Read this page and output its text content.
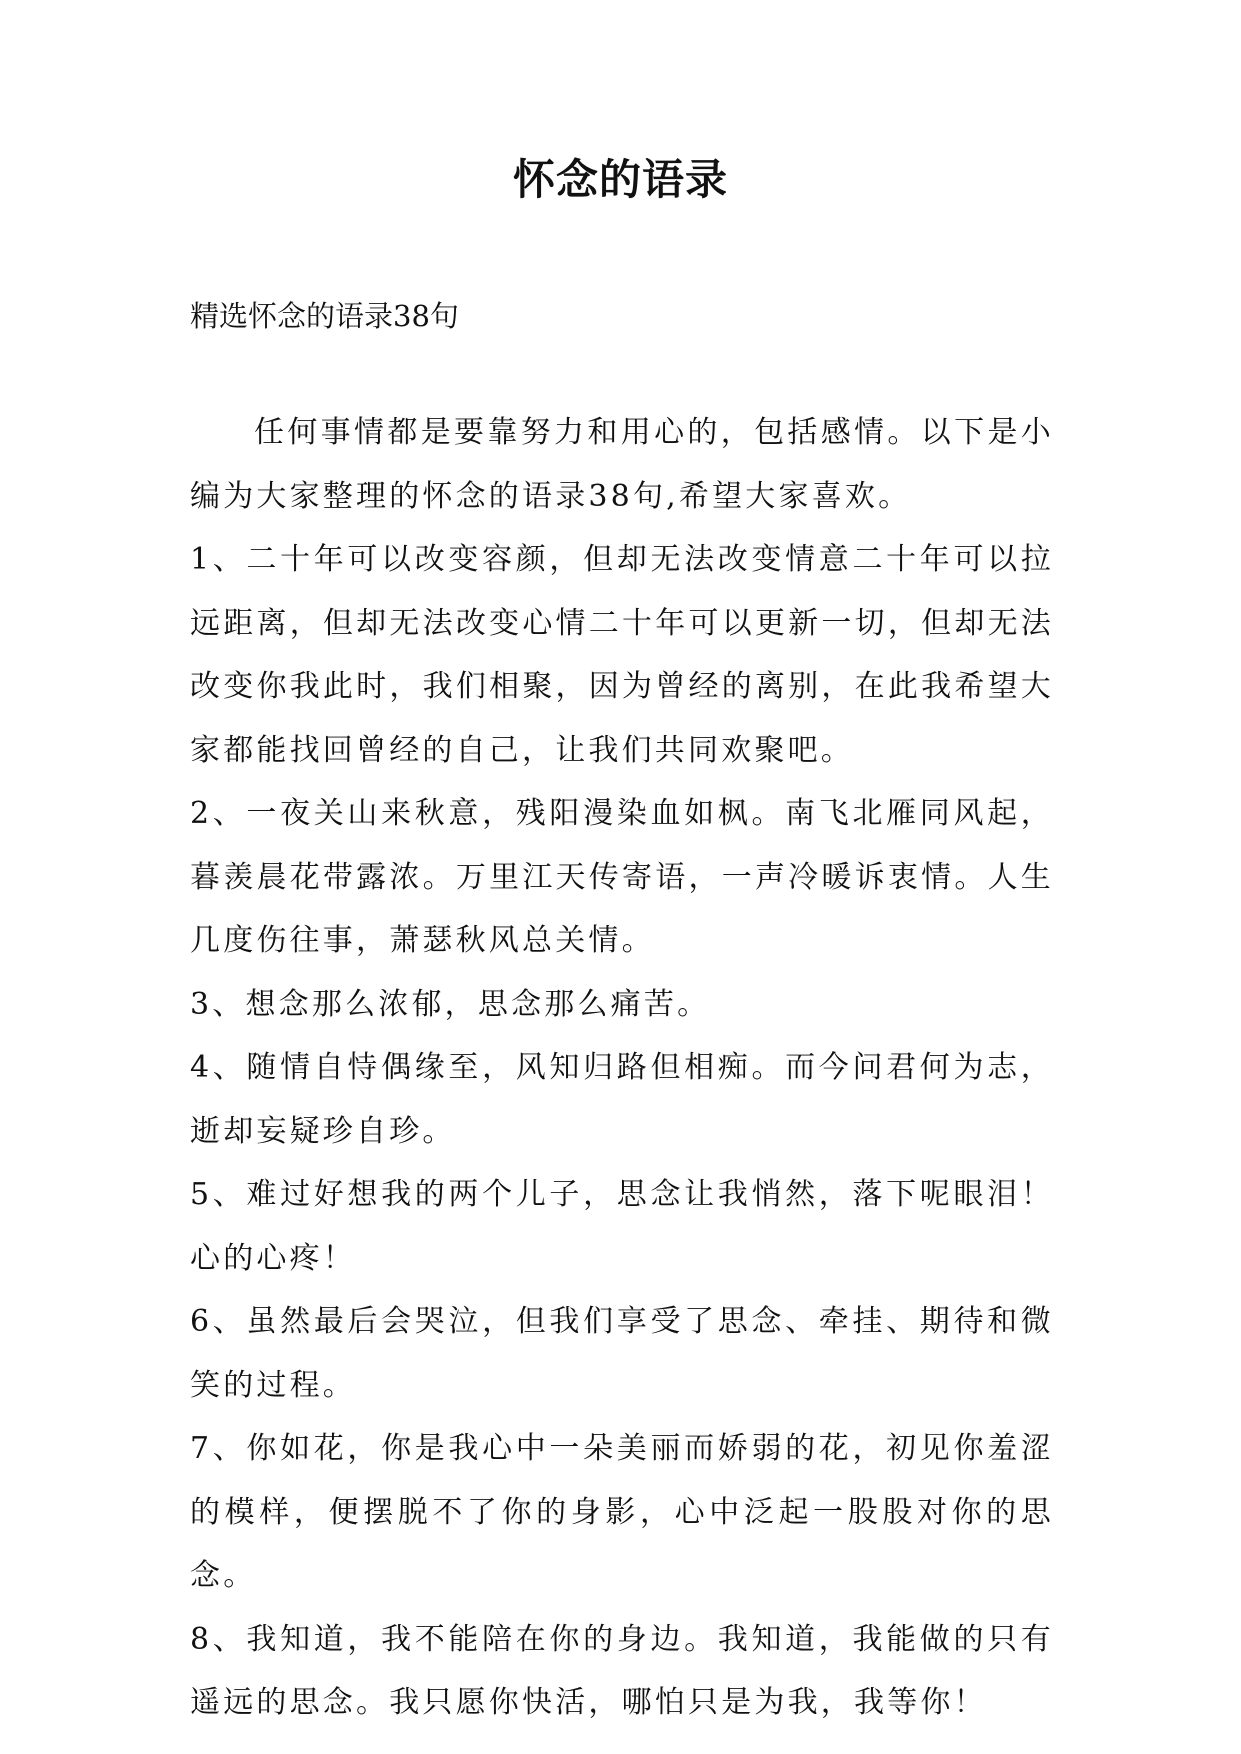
怀念的语录

精选怀念的语录38句

任何事情都是要靠努力和用心的，包括感情。以下是小编为大家整理的怀念的语录38句,希望大家喜欢。

1、二十年可以改变容颜，但却无法改变情意二十年可以拉远距离，但却无法改变心情二十年可以更新一切，但却无法改变你我此时，我们相聚，因为曾经的离别，在此我希望大家都能找回曾经的自己，让我们共同欢聚吧。

2、一夜关山来秋意，残阳漫染血如枫。南飞北雁同风起，暮羡晨花带露浓。万里江天传寄语，一声冷暖诉衷情。人生几度伤往事，萧瑟秋风总关情。

3、想念那么浓郁，思念那么痛苦。

4、随情自恃偶缘至，风知归路但相痴。而今问君何为志，逝却妄疑珍自珍。

5、难过好想我的两个儿子，思念让我悄然，落下呢眼泪！心的心疼！

6、虽然最后会哭泣，但我们享受了思念、牵挂、期待和微笑的过程。

7、你如花，你是我心中一朵美丽而娇弱的花，初见你羞涩的模样，便摆脱不了你的身影，心中泛起一股股对你的思念。

8、我知道，我不能陪在你的身边。我知道，我能做的只有遥远的思念。我只愿你快活，哪怕只是为我，我等你！
